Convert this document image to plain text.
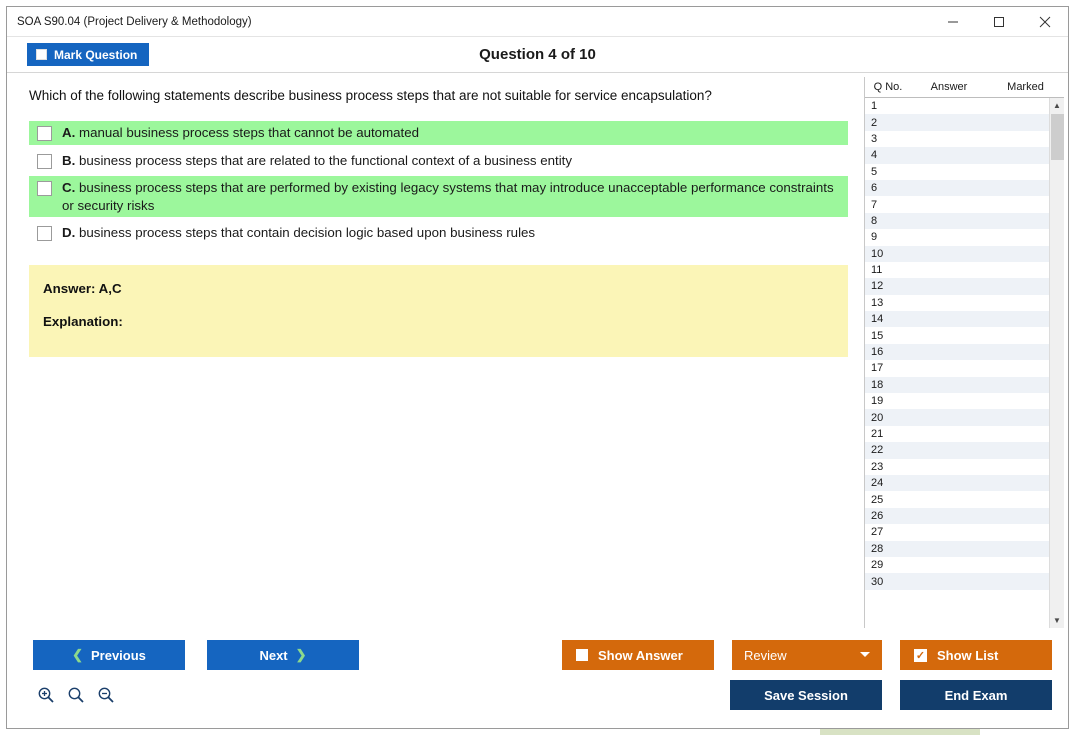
SOA S90.04 (Project Delivery & Methodology)
Mark Question	Question 4 of 10
Which of the following statements describe business process steps that are not suitable for service encapsulation?
A. manual business process steps that cannot be automated
B. business process steps that are related to the functional context of a business entity
C. business process steps that are performed by existing legacy systems that may introduce unacceptable performance constraints or security risks
D. business process steps that contain decision logic based upon business rules
Answer: A,C
Explanation:
Q No.	Answer	Marked
1
2
3
4
5
6
7
8
9
10
11
12
13
14
15
16
17
18
19
20
21
22
23
24
25
26
27
28
29
30
▲
▼
❮ Previous	Next ❯	Show Answer	Review	✓ Show List
Save Session	End Exam
